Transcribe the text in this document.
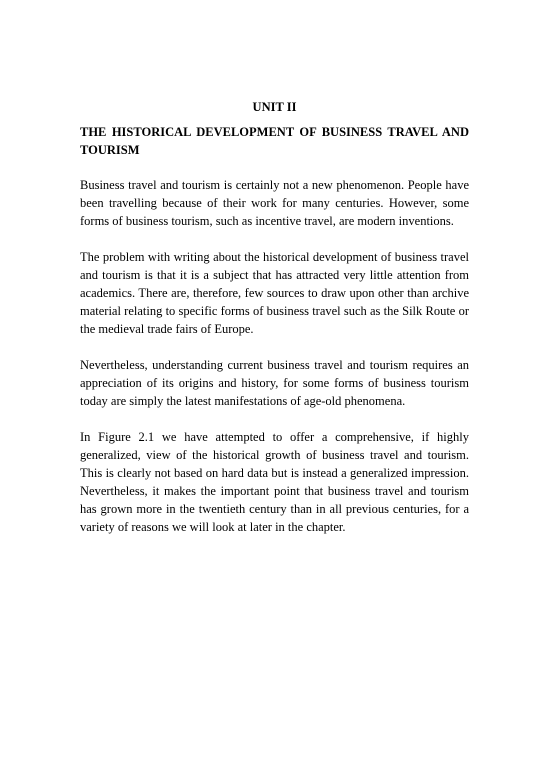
UNIT II
THE HISTORICAL DEVELOPMENT OF BUSINESS TRAVEL AND TOURISM

Business travel and tourism is certainly not a new phenomenon. People have been travelling because of their work for many centuries. However, some forms of business tourism, such as incentive travel, are modern inventions.

The problem with writing about the historical development of business travel and tourism is that it is a subject that has attracted very little attention from academics. There are, therefore, few sources to draw upon other than archive material relating to specific forms of business travel such as the Silk Route or the medieval trade fairs of Europe.

Nevertheless, understanding current business travel and tourism requires an appreciation of its origins and history, for some forms of business tourism today are simply the latest manifestations of age-old phenomena.

In Figure 2.1 we have attempted to offer a comprehensive, if highly generalized, view of the historical growth of business travel and tourism. This is clearly not based on hard data but is instead a generalized impression. Nevertheless, it makes the important point that business travel and tourism has grown more in the twentieth century than in all previous centuries, for a variety of reasons we will look at later in the chapter.
